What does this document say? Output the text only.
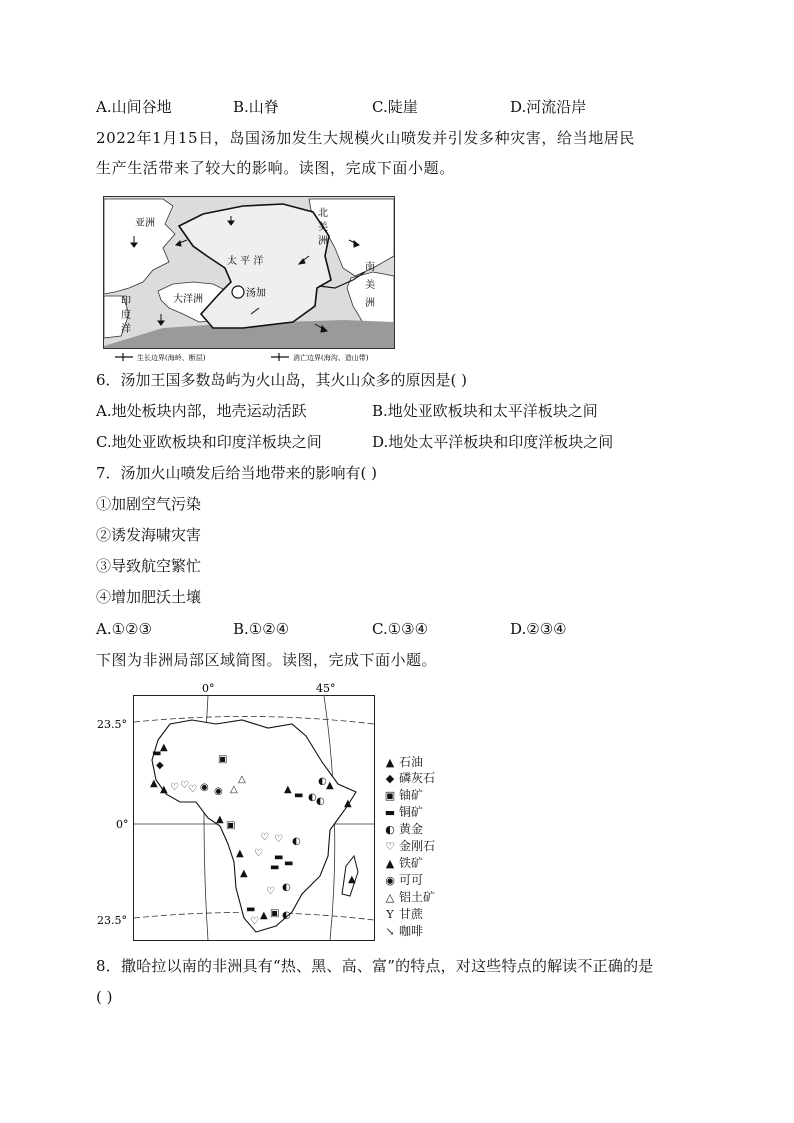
A.山间谷地	B.山脊	C.陡崖	D.河流沿岸
2022年1月15日，岛国汤加发生大规模火山喷发并引发多种灾害，给当地居民
生产生活带来了较大的影响。读图，完成下面小题。
亚洲
北
美
洲
太 平 洋
汤加
大洋洲
南
美
洲
印
度
洋
生长边界(海岭、断层)	消亡边界(海沟、造山带)
6．汤加王国多数岛屿为火山岛，其火山众多的原因是( )
A.地处板块内部，地壳运动活跃	B.地处亚欧板块和太平洋板块之间
C.地处亚欧板块和印度洋板块之间	D.地处太平洋板块和印度洋板块之间
7．汤加火山喷发后给当地带来的影响有( )
①加剧空气污染
②诱发海啸灾害
③导致航空繁忙
④增加肥沃土壤
A.①②③	B.①②④	C.①③④	D.②③④
下图为非洲局部区域简图。读图，完成下面小题。
▬
▲
◆
▲
▲ ♡ ♡ ♡ ◉ ◉ △
△
▣
▲
▬ ◐ ◐ ▲
◐ ▲
▲
▣
♡ ♡ ◐
▲ ♡ ▬
▬
▬
▲
♡ ◐
▬
▲ ▣ ◐
♡
▲
0°	45°
23.5°
0°
23.5°
▲ 石油
◆ 磷灰石
▣ 铀矿
▬ 铜矿
◐ 黄金
♡ 金刚石
▲ 铁矿
◉ 可可
△ 铝土矿
Y 甘蔗
↘ 咖啡
8．撒哈拉以南的非洲具有“热、黑、高、富”的特点，对这些特点的解读不正确的是
( )
